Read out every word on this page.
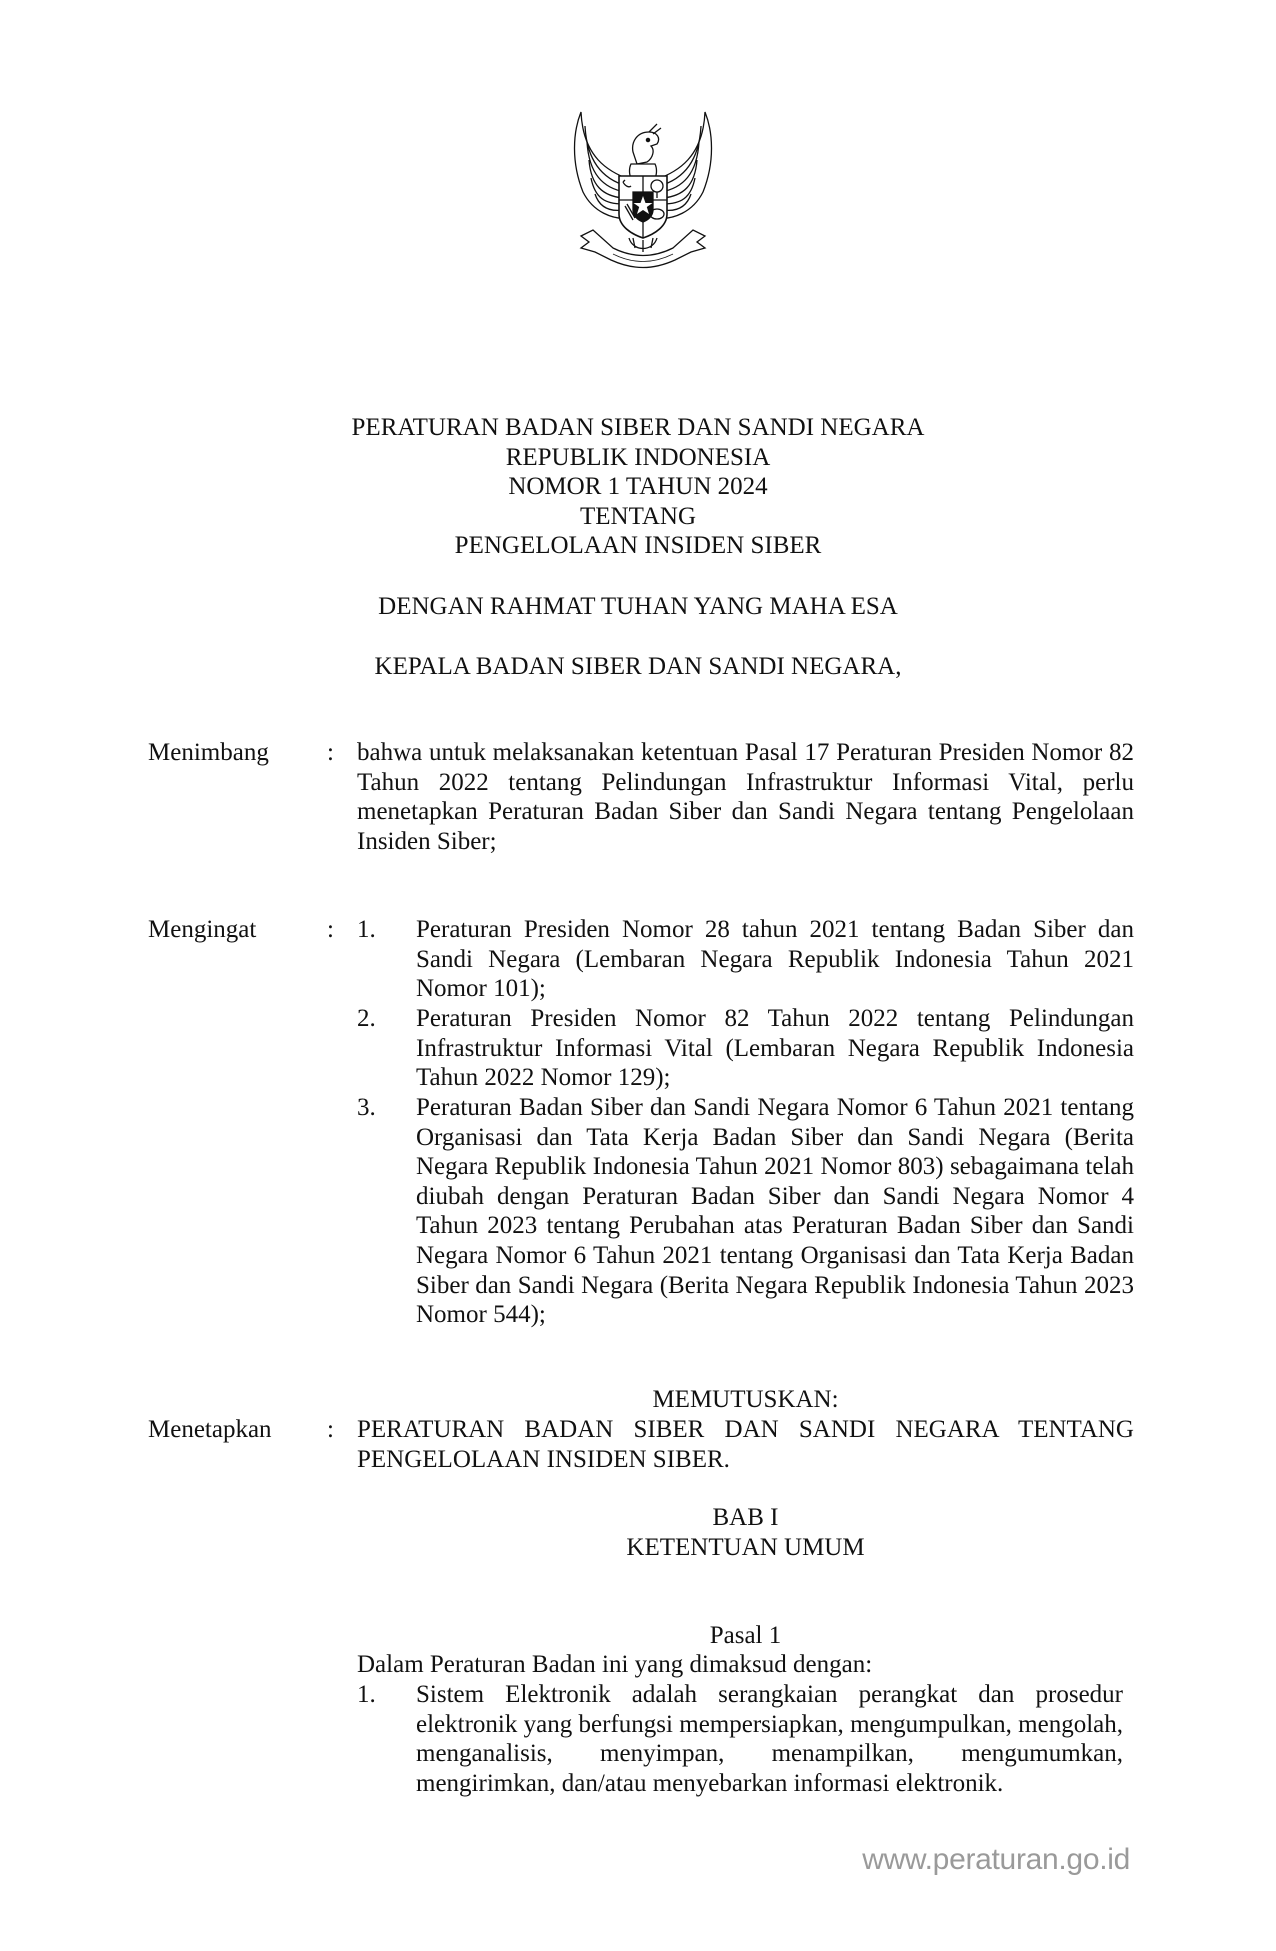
PERATURAN BADAN SIBER DAN SANDI NEGARA
REPUBLIK INDONESIA
NOMOR 1 TAHUN 2024
TENTANG
PENGELOLAAN INSIDEN SIBER
DENGAN RAHMAT TUHAN YANG MAHA ESA
KEPALA BADAN SIBER DAN SANDI NEGARA,
Menimbang : bahwa untuk melaksanakan ketentuan Pasal 17 Peraturan Presiden Nomor 82 Tahun 2022 tentang Pelindungan Infrastruktur Informasi Vital, perlu menetapkan Peraturan Badan Siber dan Sandi Negara tentang Pengelolaan Insiden Siber;
Mengingat	: 1. Peraturan Presiden Nomor 28 tahun 2021 tentang Badan Siber dan Sandi Negara (Lembaran Negara Republik Indonesia Tahun 2021 Nomor 101);
2. Peraturan Presiden Nomor 82 Tahun 2022 tentang Pelindungan Infrastruktur Informasi Vital (Lembaran Negara Republik Indonesia Tahun 2022 Nomor 129);
3. Peraturan Badan Siber dan Sandi Negara Nomor 6 Tahun 2021 tentang Organisasi dan Tata Kerja Badan Siber dan Sandi Negara (Berita Negara Republik Indonesia Tahun 2021 Nomor 803) sebagaimana telah diubah dengan Peraturan Badan Siber dan Sandi Negara Nomor 4 Tahun 2023 tentang Perubahan atas Peraturan Badan Siber dan Sandi Negara Nomor 6 Tahun 2021 tentang Organisasi dan Tata Kerja Badan Siber dan Sandi Negara (Berita Negara Republik Indonesia Tahun 2023 Nomor 544);
MEMUTUSKAN:
Menetapkan : PERATURAN BADAN SIBER DAN SANDI NEGARA TENTANG
PENGELOLAAN INSIDEN SIBER.
BAB I
KETENTUAN UMUM
Pasal 1
Dalam Peraturan Badan ini yang dimaksud dengan:
1. Sistem Elektronik adalah serangkaian perangkat dan prosedur elektronik yang berfungsi mempersiapkan, mengumpulkan, mengolah, menganalisis, menyimpan, menampilkan, mengumumkan, mengirimkan, dan/atau menyebarkan informasi elektronik.
www.peraturan.go.id
